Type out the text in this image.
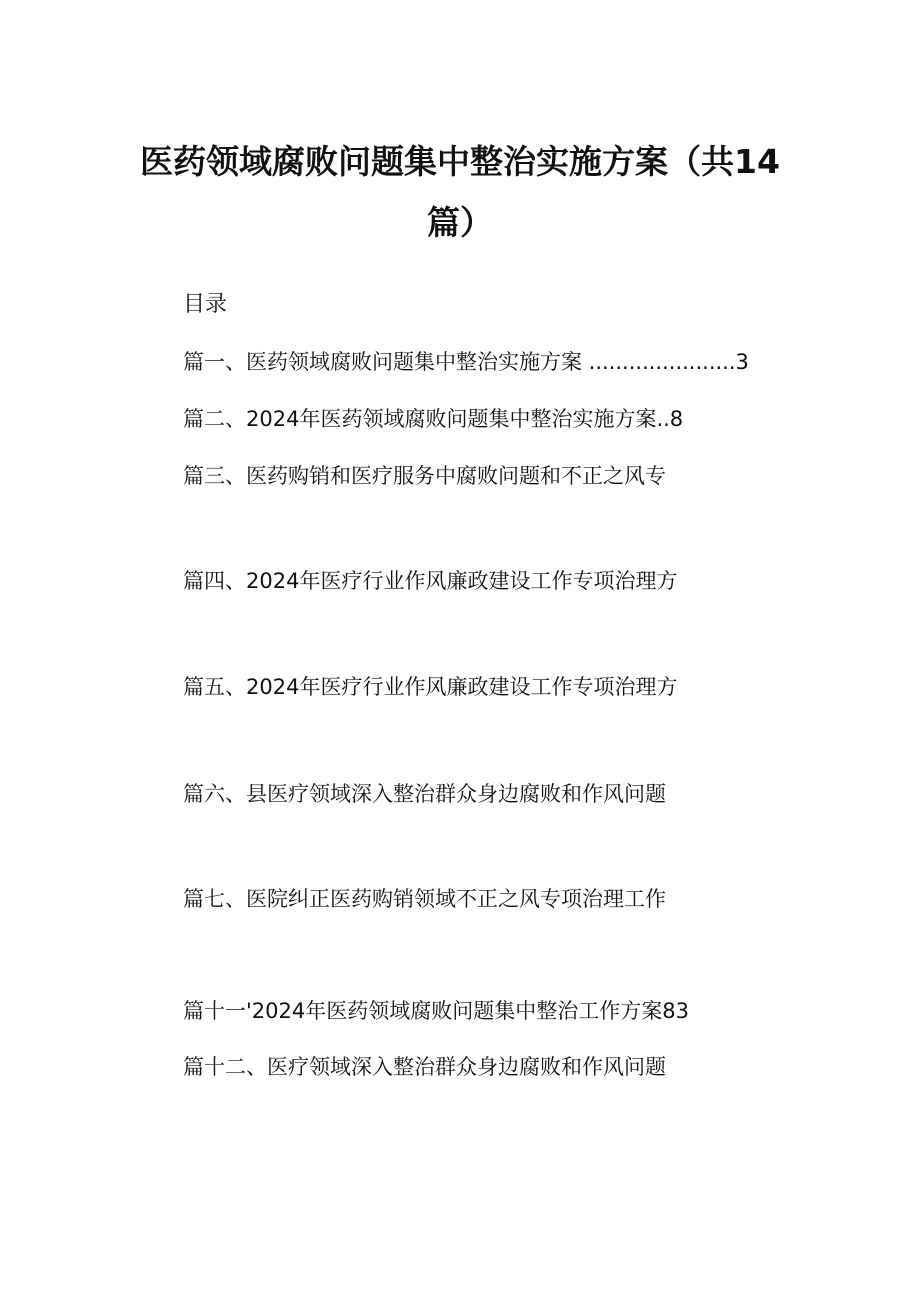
医药领域腐败问题集中整治实施方案（共14
篇）
目录
篇一、医药领域腐败问题集中整治实施方案 ......................3
篇二、2024年医药领域腐败问题集中整治实施方案..8
篇三、医药购销和医疗服务中腐败问题和不正之风专
篇四、2024年医疗行业作风廉政建设工作专项治理方
篇五、2024年医疗行业作风廉政建设工作专项治理方
篇六、县医疗领域深入整治群众身边腐败和作风问题
篇七、医院纠正医药购销领域不正之风专项治理工作
篇十一'2024年医药领域腐败问题集中整治工作方案83
篇十二、医疗领域深入整治群众身边腐败和作风问题
